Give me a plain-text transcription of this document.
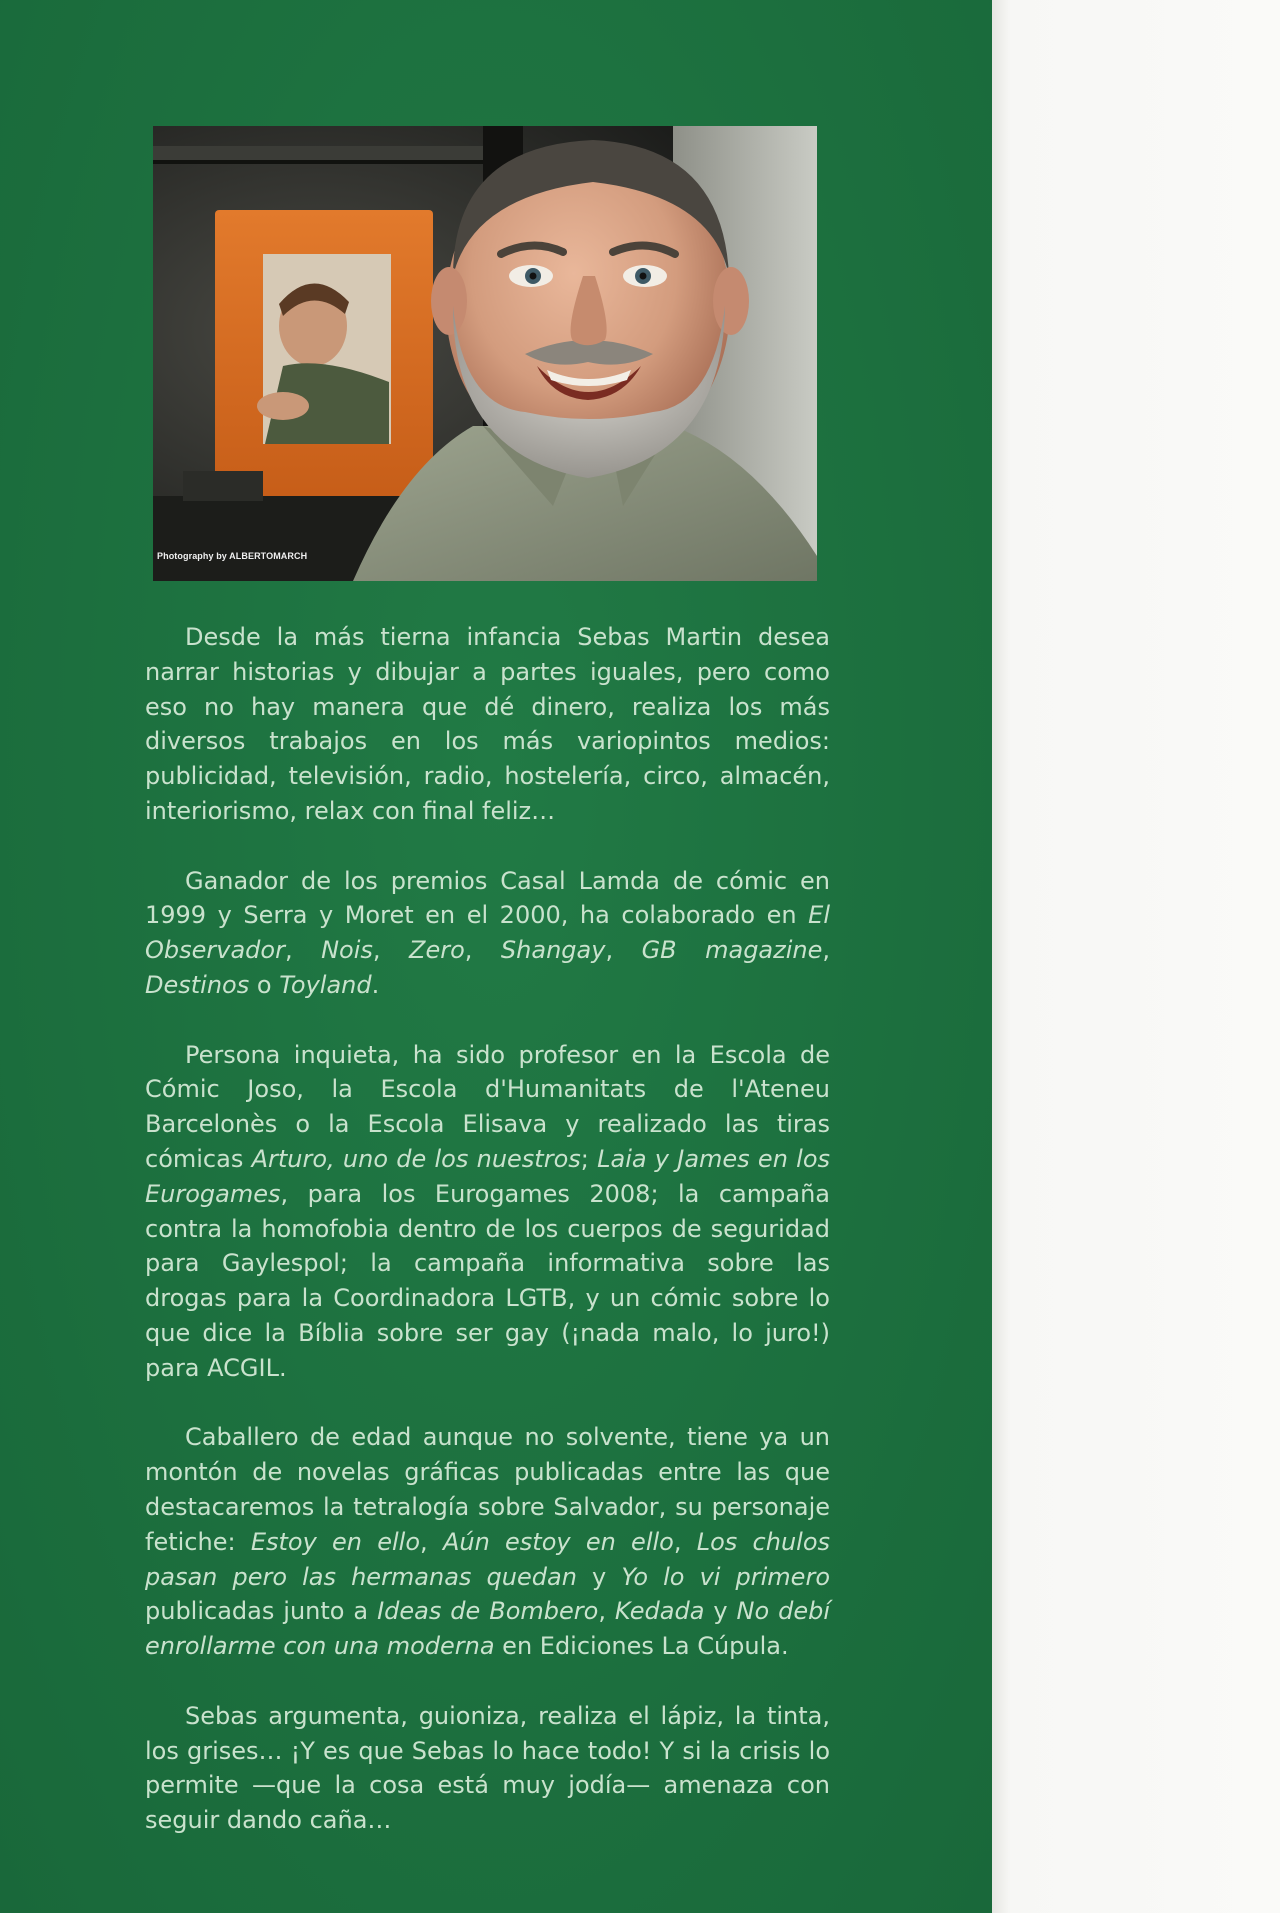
Photography by ALBERTOMARCH

Desde la más tierna infancia Sebas Martin desea narrar historias y dibujar a partes iguales, pero como eso no hay manera que dé dinero, realiza los más diversos trabajos en los más variopintos medios: publicidad, televisión, radio, hostelería, circo, almacén, interiorismo, relax con final feliz…

Ganador de los premios Casal Lamda de cómic en 1999 y Serra y Moret en el 2000, ha colaborado en El Observador, Nois, Zero, Shangay, GB magazine, Destinos o Toyland.

Persona inquieta, ha sido profesor en la Escola de Cómic Joso, la Escola d'Humanitats de l'Ateneu Barcelonès o la Escola Elisava y realizado las tiras cómicas Arturo, uno de los nuestros; Laia y James en los Eurogames, para los Eurogames 2008; la campaña contra la homofobia dentro de los cuerpos de seguridad para Gaylespol; la campaña informativa sobre las drogas para la Coordinadora LGTB, y un cómic sobre lo que dice la Bíblia sobre ser gay (¡nada malo, lo juro!) para ACGIL.

Caballero de edad aunque no solvente, tiene ya un montón de novelas gráficas publicadas entre las que destacaremos la tetralogía sobre Salvador, su personaje fetiche: Estoy en ello, Aún estoy en ello, Los chulos pasan pero las hermanas quedan y Yo lo vi primero publicadas junto a Ideas de Bombero, Kedada y No debí enrollarme con una moderna en Ediciones La Cúpula.

Sebas argumenta, guioniza, realiza el lápiz, la tinta, los grises… ¡Y es que Sebas lo hace todo! Y si la crisis lo permite —que la cosa está muy jodía— amenaza con seguir dando caña…
